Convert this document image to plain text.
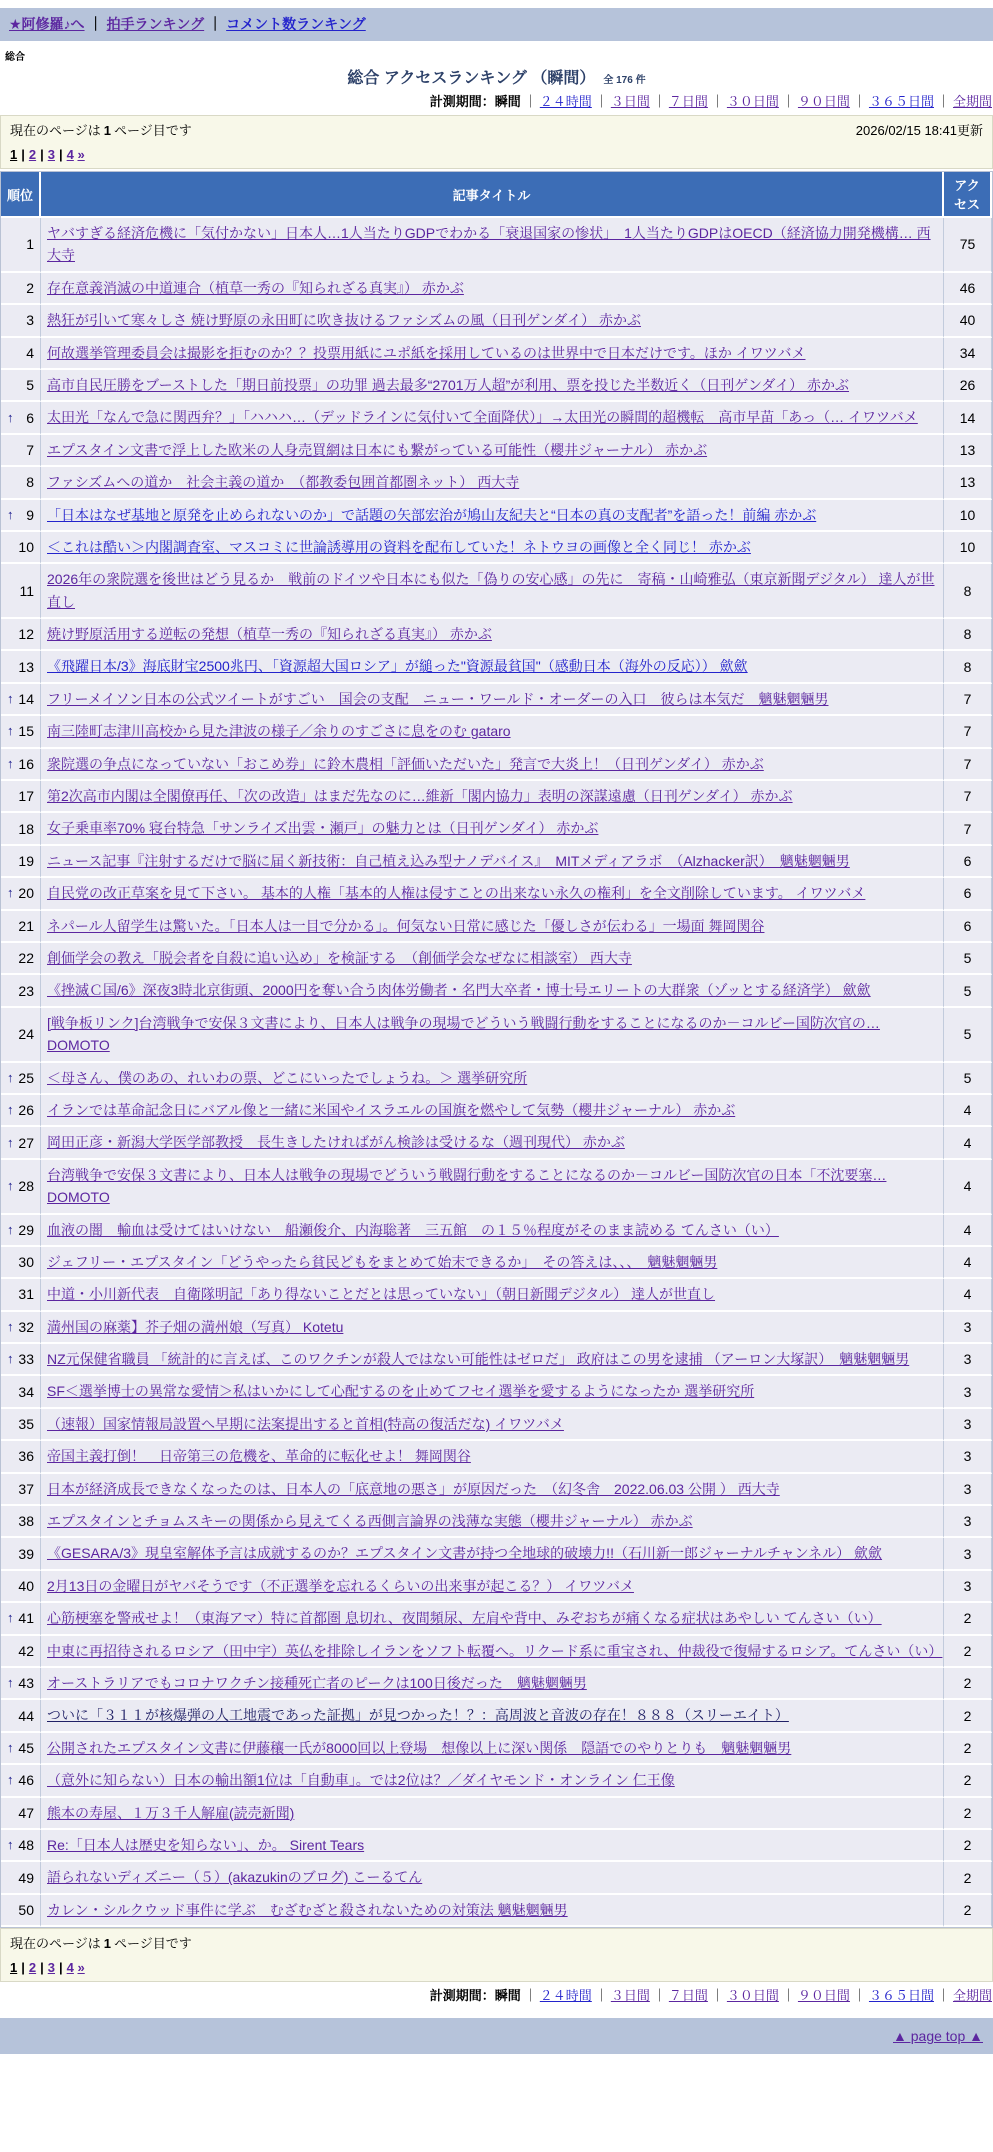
★阿修羅♪へ ｜ 拍手ランキング ｜ コメント数ランキング
総合
総合 アクセスランキング （瞬間） 全 176 件
計測期間：瞬間 ｜ ２４時間 ｜ ３日間 ｜ ７日間 ｜ ３０日間 ｜ ９０日間 ｜ ３６５日間 ｜ 全期間
現在のページは 1 ページ目です	2026/02/15 18:41更新
1 | 2 | 3 | 4 »
順位	記事タイトル	アクセス
1	ヤバすぎる経済危機に「気付かない」日本人…1人当たりGDPでわかる「衰退国家の惨状」　1人当たりGDPはOECD（経済協力開発機構… 西大寺	75
2	存在意義消滅の中道連合（植草一秀の『知られざる真実』） 赤かぶ	46
3	熱狂が引いて寒々しさ 焼け野原の永田町に吹き抜けるファシズムの風（日刊ゲンダイ） 赤かぶ	40
4	何故選挙管理委員会は撮影を拒むのか？？投票用紙にユポ紙を採用しているのは世界中で日本だけです。ほか イワツバメ	34
5	高市自民圧勝をブーストした「期日前投票」の功罪 過去最多“2701万人超”が利用、票を投じた半数近く（日刊ゲンダイ） 赤かぶ	26

↑ 6	太田光「なんで急に関西弁？」「ハハハ…（デッドラインに気付いて全面降伏）」→太田光の瞬間的超機転　高市早苗「あっ（… イワツバメ	14
7	エプスタイン文書で浮上した欧米の人身売買網は日本にも繋がっている可能性（櫻井ジャーナル） 赤かぶ	13
8	ファシズムへの道か　社会主義の道か　（都教委包囲首都圏ネット） 西大寺	13

↑ 9	「日本はなぜ基地と原発を止められないのか」で話題の矢部宏治が鳩山友紀夫と“日本の真の支配者”を語った！前編 赤かぶ	10
10	＜これは酷い＞内閣調査室、マスコミに世論誘導用の資料を配布していた！ネトウヨの画像と全く同じ！ 赤かぶ	10
11	2026年の衆院選を後世はどう見るか　戦前のドイツや日本にも似た「偽りの安心感」の先に　寄稿・山崎雅弘（東京新聞デジタル） 達人が世直し	8
12	焼け野原活用する逆転の発想（植草一秀の『知られざる真実』） 赤かぶ	8
13	《飛躍日本/3》海底財宝2500兆円、「資源超大国ロシア」が縋った"資源最貧国"（感動日本（海外の反応）） 歛歛	8

↑ 14	フリーメイソン日本の公式ツイートがすごい　国会の支配　ニュー・ワールド・オーダーの入口　彼らは本気だ　魑魅魍魎男	7

↑ 15	南三陸町志津川高校から見た津波の様子／余りのすごさに息をのむ gataro	7

↑ 16	衆院選の争点になっていない「おこめ券」に鈴木農相「評価いただいた」発言で大炎上！（日刊ゲンダイ） 赤かぶ	7
17	第2次高市内閣は全閣僚再任、「次の改造」はまだ先なのに…維新「閣内協力」表明の深謀遠慮（日刊ゲンダイ） 赤かぶ	7
18	女子乗車率70% 寝台特急「サンライズ出雲・瀬戸」の魅力とは（日刊ゲンダイ） 赤かぶ	7
19	ニュース記事『注射するだけで脳に届く新技術：自己植え込み型ナノデバイス』　MITメディアラボ　（Alzhacker訳）　魑魅魍魎男	6

↑ 20	自民党の改正草案を見て下さい。 基本的人権「基本的人権は侵すことの出来ない永久の権利」を全文削除しています。 イワツバメ	6
21	ネパール人留学生は驚いた。「日本人は一目で分かる」。何気ない日常に感じた「優しさが伝わる」一場面 舞岡関谷	6
22	創価学会の教え「脱会者を自殺に追い込め」を検証する　（創価学会なぜなに相談室） 西大寺	5
23	《挫滅Ｃ国/6》深夜3時北京街頭、2000円を奪い合う肉体労働者・名門大卒者・博士号エリートの大群衆（ゾッとする経済学） 歛歛	5
24	[戦争板リンク]台湾戦争で安保３文書により、日本人は戦争の現場でどういう戦闘行動をすることになるのか－コルビー国防次官の… DOMOTO	5

↑ 25	＜母さん、僕のあの、れいわの票、どこにいったでしょうね。＞ 選挙研究所	5

↑ 26	イランでは革命記念日にバアル像と一緒に米国やイスラエルの国旗を燃やして気勢（櫻井ジャーナル） 赤かぶ	4

↑ 27	岡田正彦・新潟大学医学部教授　長生きしたければがん検診は受けるな（週刊現代） 赤かぶ	4

↑ 28	台湾戦争で安保３文書により、日本人は戦争の現場でどういう戦闘行動をすることになるのか－コルビー国防次官の日本「不沈要塞… DOMOTO	4

↑ 29	血液の闇　輸血は受けてはいけない　船瀬俊介、内海聡著　三五館　の１５％程度がそのまま読める てんさい（い）	4
30	ジェフリー・エプスタイン「どうやったら貧民どもをまとめて始末できるか」　その答えは、、、　魑魅魍魎男	4
31	中道・小川新代表　自衛隊明記「あり得ないことだとは思っていない」（朝日新聞デジタル） 達人が世直し	4

↑ 32	満州国の麻薬】芥子畑の満州娘（写真） Kotetu	3

↑ 33	NZ元保健省職員 「統計的に言えば、このワクチンが殺人ではない可能性はゼロだ」 政府はこの男を逮捕 （アーロン大塚訳）　魑魅魍魎男	3
34	SF＜選挙博士の異常な愛情＞私はいかにして心配するのを止めてフセイ選挙を愛するようになったか 選挙研究所	3
35	（速報）国家情報局設置へ早期に法案提出すると首相(特高の復活だな) イワツバメ	3
36	帝国主義打倒！　日帝第三の危機を、革命的に転化せよ！ 舞岡関谷	3
37	日本が経済成長できなくなったのは、日本人の「底意地の悪さ」が原因だった　（幻冬舎　2022.06.03 公開 ） 西大寺	3
38	エプスタインとチョムスキーの関係から見えてくる西側言論界の浅薄な実態（櫻井ジャーナル） 赤かぶ	3
39	《GESARA/3》現皇室解体予言は成就するのか？エプスタイン文書が持つ全地球的破壊力!!（石川新一郎ジャーナルチャンネル） 歛歛	3
40	2月13日の金曜日がヤバそうです（不正選挙を忘れるくらいの出来事が起こる？） イワツバメ	3

↑ 41	心筋梗塞を警戒せよ！（東海アマ）特に首都圏 息切れ、夜間頻尿、左肩や背中、みぞおちが痛くなる症状はあやしい てんさい（い）	2
42	中東に再招待されるロシア（田中宇）英仏を排除しイランをソフト転覆へ。リクード系に重宝され、仲裁役で復帰するロシア。てんさい（い）	2

↑ 43	オーストラリアでもコロナワクチン接種死亡者のピークは100日後だった　魑魅魍魎男	2
44	ついに「３１１が核爆弾の人工地震であった証拠」が見つかった！？：高周波と音波の存在！８８８（スリーエイト）	2

↑ 45	公開されたエプスタイン文書に伊藤穰一氏が8000回以上登場　想像以上に深い関係　隠語でのやりとりも　魑魅魍魎男	2

↑ 46	（意外に知らない）日本の輸出額1位は「自動車」。では2位は？／ダイヤモンド・オンライン 仁王像	2
47	熊本の寿屋、１万３千人解雇(読売新聞)	2

↑ 48	Re:「日本人は歴史を知らない」、か。 Sirent Tears	2
49	語られないディズニー（５）(akazukinのブログ) こーるてん	2
50	カレン・シルクウッド事件に学ぶ　むざむざと殺されないための対策法 魑魅魍魎男	2
現在のページは 1 ページ目です
1 | 2 | 3 | 4 »
計測期間：瞬間 ｜ ２４時間 ｜ ３日間 ｜ ７日間 ｜ ３０日間 ｜ ９０日間 ｜ ３６５日間 ｜ 全期間
▲ page top ▲
